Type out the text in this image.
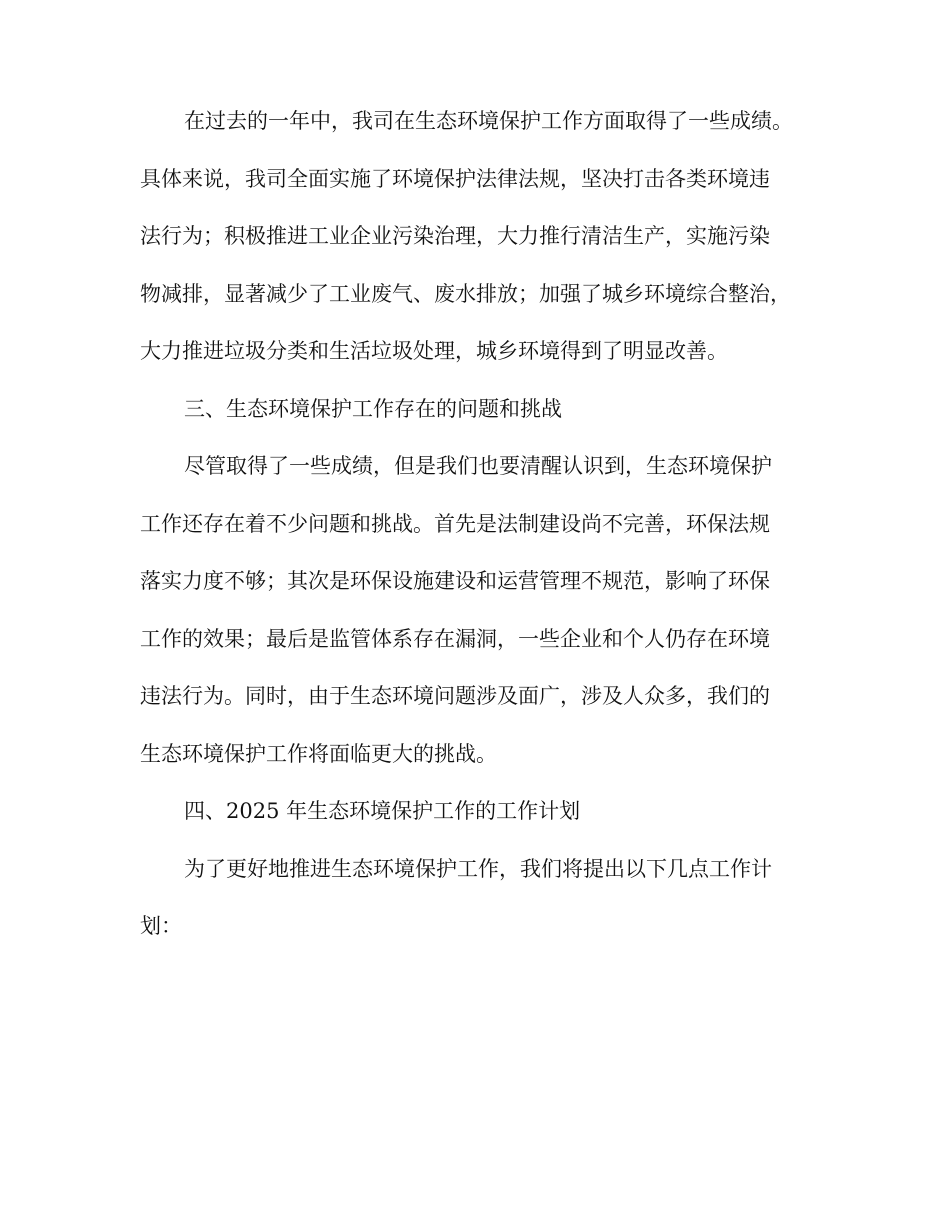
在过去的一年中，我司在生态环境保护工作方面取得了一些成绩。
具体来说，我司全面实施了环境保护法律法规，坚决打击各类环境违
法行为；积极推进工业企业污染治理，大力推行清洁生产，实施污染
物减排，显著减少了工业废气、废水排放；加强了城乡环境综合整治，
大力推进垃圾分类和生活垃圾处理，城乡环境得到了明显改善。
三、生态环境保护工作存在的问题和挑战
尽管取得了一些成绩，但是我们也要清醒认识到，生态环境保护
工作还存在着不少问题和挑战。首先是法制建设尚不完善，环保法规
落实力度不够；其次是环保设施建设和运营管理不规范，影响了环保
工作的效果；最后是监管体系存在漏洞，一些企业和个人仍存在环境
违法行为。同时，由于生态环境问题涉及面广，涉及人众多，我们的
生态环境保护工作将面临更大的挑战。
四、2025 年生态环境保护工作的工作计划
为了更好地推进生态环境保护工作，我们将提出以下几点工作计
划：
